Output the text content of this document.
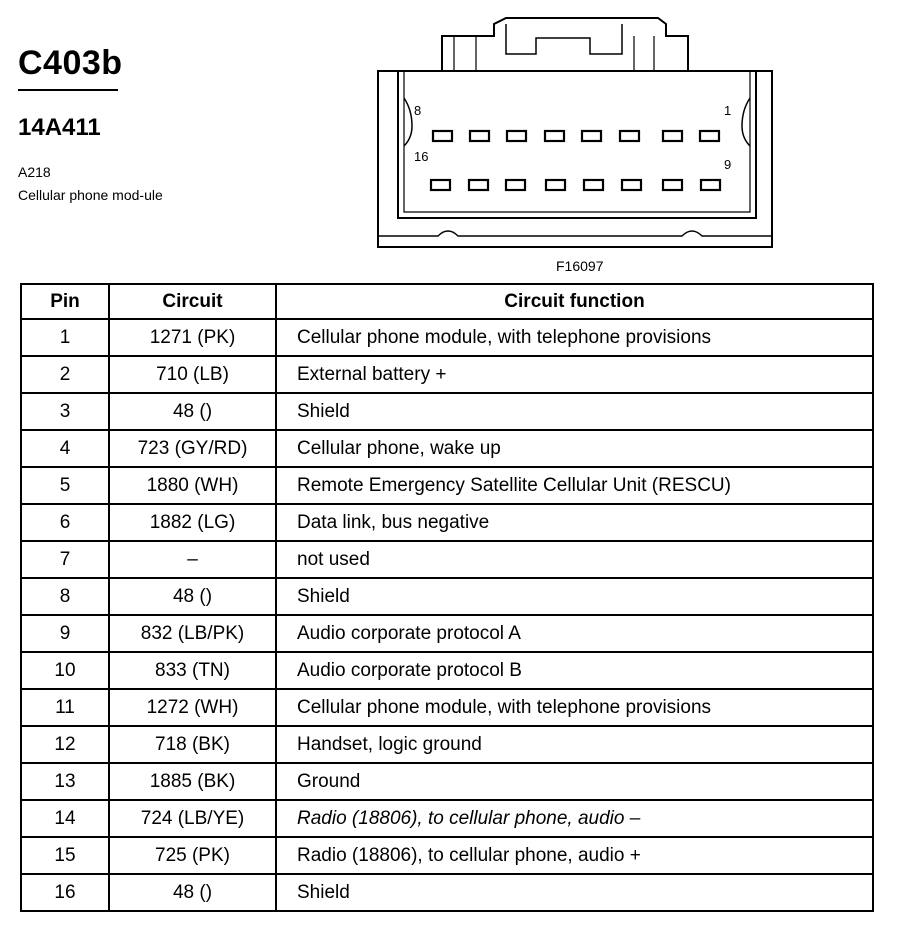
C403b
14A411
A218
Cellular phone mod-ule
8	1
16
9
F16097
Pin	Circuit	Circuit function
1	1271 (PK)	Cellular phone module, with telephone provisions
2	710 (LB)	External battery +
3	48 ()	Shield
4	723 (GY/RD)	Cellular phone, wake up
5	1880 (WH)	Remote Emergency Satellite Cellular Unit (RESCU)
6	1882 (LG)	Data link, bus negative
7	–	not used
8	48 ()	Shield
9	832 (LB/PK)	Audio corporate protocol A
10	833 (TN)	Audio corporate protocol B
11	1272 (WH)	Cellular phone module, with telephone provisions
12	718 (BK)	Handset, logic ground
13	1885 (BK)	Ground
14	724 (LB/YE)	Radio (18806), to cellular phone, audio –
15	725 (PK)	Radio (18806), to cellular phone, audio +
16	48 ()	Shield
